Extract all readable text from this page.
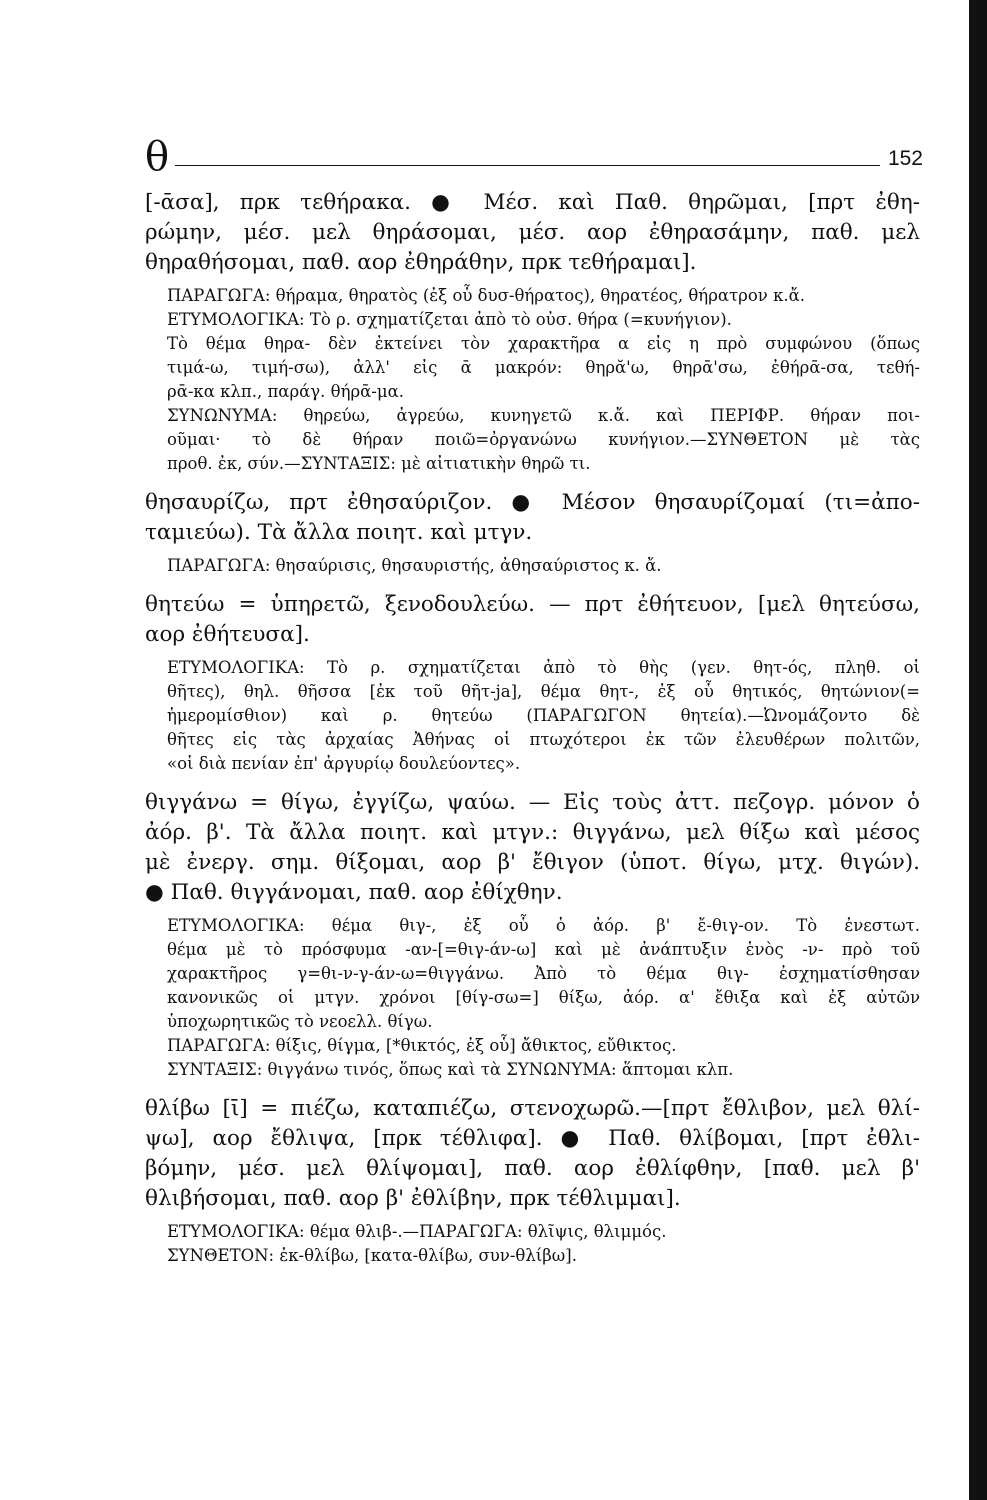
θ	152
[-ᾱσα], πρκ τεθήρακα. ● Μέσ. καὶ Παθ. θηρῶμαι, [πρτ ἐθη-
ρώμην, μέσ. μελ θηράσομαι, μέσ. αορ ἐθηρασάμην, παθ. μελ
θηραθήσομαι, παθ. αορ ἐθηράθην, πρκ τεθήραμαι].
ΠΑΡΑΓΩΓΑ: θήραμα, θηρατὸς (ἐξ οὗ δυσ-θήρατος), θηρατέος, θήρατρον κ.ἄ.
ΕΤΥΜΟΛΟΓΙΚΑ: Τὸ ρ. σχηματίζεται ἀπὸ τὸ οὐσ. θήρα (=κυνήγιον).
Τὸ θέμα θηρα- δὲν ἐκτείνει τὸν χαρακτῆρα α εἰς η πρὸ συμφώνου (ὅπως
τιμά-ω, τιμή-σω), ἀλλ' εἰς ᾱ μακρόν: θηρᾰ'ω, θηρᾱ'σω, ἐθήρᾱ-σα, τεθή-
ρᾱ-κα κλπ., παράγ. θήρᾱ-μα.
ΣΥΝΩΝΥΜΑ: θηρεύω, ἀγρεύω, κυνηγετῶ κ.ἄ. καὶ ΠΕΡΙΦΡ. θήραν ποι-
οῦμαι· τὸ δὲ θήραν ποιῶ=ὀργανώνω κυνήγιον.—ΣΥΝΘΕΤΟΝ μὲ τὰς
προθ. ἐκ, σύν.—ΣΥΝΤΑΞΙΣ: μὲ αἰτιατικὴν θηρῶ τι.
θησαυρίζω, πρτ ἐθησαύριζον. ● Μέσον θησαυρίζομαί (τι=ἀπο-
ταμιεύω). Τὰ ἄλλα ποιητ. καὶ μτγν.
ΠΑΡΑΓΩΓΑ: θησαύρισις, θησαυριστής, ἀθησαύριστος κ. ἄ.
θητεύω = ὑπηρετῶ, ξενοδουλεύω. — πρτ ἐθήτευον, [μελ θητεύσω,
αορ ἐθήτευσα].
ΕΤΥΜΟΛΟΓΙΚΑ: Τὸ ρ. σχηματίζεται ἀπὸ τὸ θὴς (γεν. θητ-ός, πληθ. οἱ
θῆτες), θηλ. θῆσσα [ἐκ τοῦ θῆτ-ja], θέμα θητ-, ἐξ οὗ θητικός, θητώνιον(=
ἡμερομίσθιον) καὶ ρ. θητεύω (ΠΑΡΑΓΩΓΟΝ θητεία).—Ὠνομάζοντο δὲ
θῆτες εἰς τὰς ἀρχαίας Ἀθήνας οἱ πτωχότεροι ἐκ τῶν ἐλευθέρων πολιτῶν,
«οἱ διὰ πενίαν ἐπ' ἀργυρίῳ δουλεύοντες».
θιγγάνω = θίγω, ἐγγίζω, ψαύω. — Εἰς τοὺς ἀττ. πεζογρ. μόνον ὁ
ἀόρ. β'. Τὰ ἄλλα ποιητ. καὶ μτγν.: θιγγάνω, μελ θίξω καὶ μέσος
μὲ ἐνεργ. σημ. θίξομαι, αορ β' ἔθιγον (ὑποτ. θίγω, μτχ. θιγών).
● Παθ. θιγγάνομαι, παθ. αορ ἐθίχθην.
ΕΤΥΜΟΛΟΓΙΚΑ: θέμα θιγ-, ἐξ οὗ ὁ ἀόρ. β' ἔ-θιγ-ον. Τὸ ἐνεστωτ.
θέμα μὲ τὸ πρόσφυμα -αν-[=θιγ-άν-ω] καὶ μὲ ἀνάπτυξιν ἑνὸς -ν- πρὸ τοῦ
χαρακτῆρος γ=θι-ν-γ-άν-ω=θιγγάνω. Ἀπὸ τὸ θέμα θιγ- ἐσχηματίσθησαν
κανονικῶς οἱ μτγν. χρόνοι [θίγ-σω=] θίξω, ἀόρ. α' ἔθιξα καὶ ἐξ αὐτῶν
ὑποχωρητικῶς τὸ νεοελλ. θίγω.
ΠΑΡΑΓΩΓΑ: θίξις, θίγμα, [*θικτός, ἐξ οὗ] ἄθικτος, εὔθικτος.
ΣΥΝΤΑΞΙΣ: θιγγάνω τινός, ὅπως καὶ τὰ ΣΥΝΩΝΥΜΑ: ἅπτομαι κλπ.
θλίβω [ῑ] = πιέζω, καταπιέζω, στενοχωρῶ.—[πρτ ἔθλιβον, μελ θλί-
ψω], αορ ἔθλιψα, [πρκ τέθλιφα]. ● Παθ. θλίβομαι, [πρτ ἐθλι-
βόμην, μέσ. μελ θλίψομαι], παθ. αορ ἐθλίφθην, [παθ. μελ β'
θλιβήσομαι, παθ. αορ β' ἐθλίβην, πρκ τέθλιμμαι].
ΕΤΥΜΟΛΟΓΙΚΑ: θέμα θλιβ-.—ΠΑΡΑΓΩΓΑ: θλῖψις, θλιμμός.
ΣΥΝΘΕΤΟΝ: ἐκ-θλίβω, [κατα-θλίβω, συν-θλίβω].
